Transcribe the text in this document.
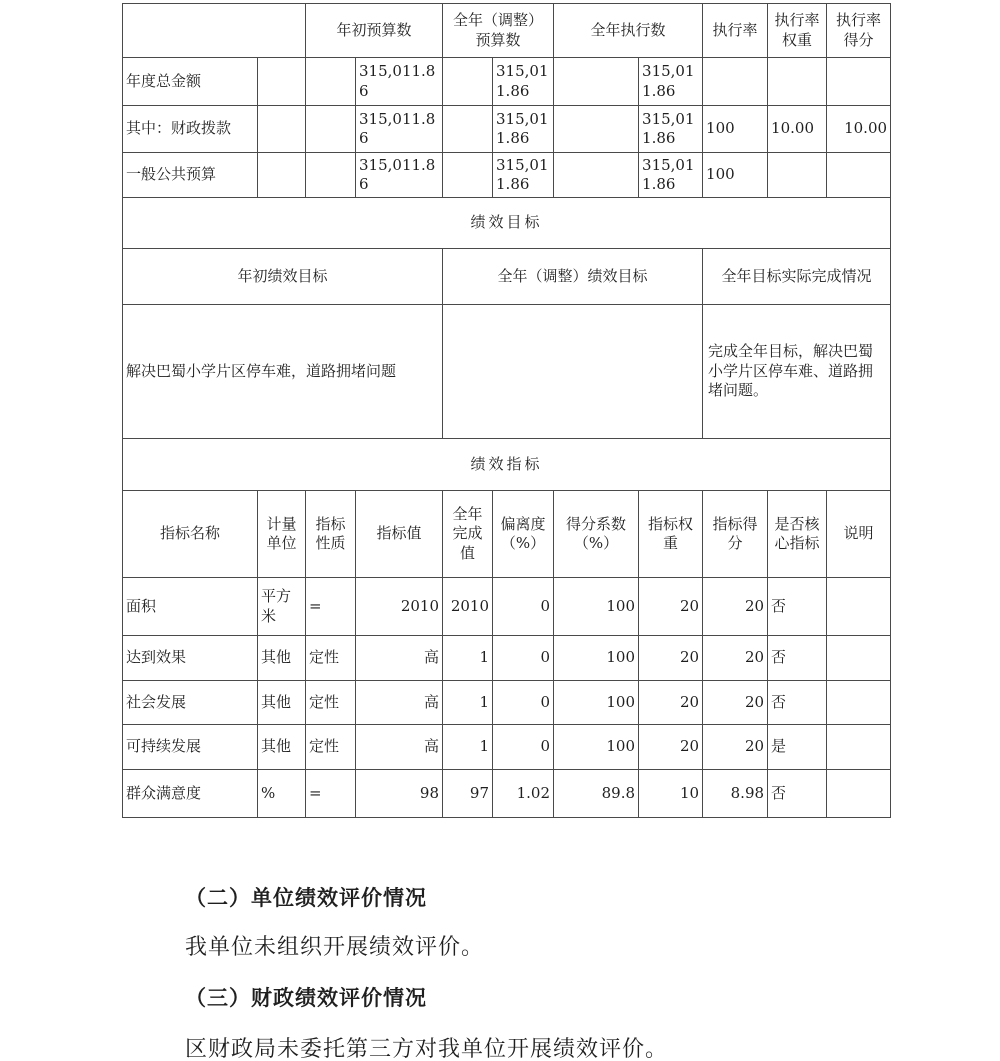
		年初预算数		全年（调整）预算数		全年执行数		执行率	执行率权重	执行率得分
年度总金额			315,011.86		315,011.86		315,011.86			
其中：财政拨款			315,011.86		315,011.86		315,011.86	100	10.00	10.00
一般公共预算			315,011.86		315,011.86		315,011.86	100		
绩效目标										
年初绩效目标				全年（调整）绩效目标				全年目标实际完成情况		
解决巴蜀小学片区停车难，道路拥堵问题								完成全年目标，解决巴蜀小学片区停车难、道路拥堵问题。		
绩效指标										
指标名称	计量单位	指标性质	指标值	全年完成值	偏离度（%）	得分系数（%）	指标权重	指标得分	是否核心指标	说明
面积	平方米	=	2010	2010	0	100	20	20	否	
达到效果	其他	定性	高	1	0	100	20	20	否	
社会发展	其他	定性	高	1	0	100	20	20	否	
可持续发展	其他	定性	高	1	0	100	20	20	是	
群众满意度	%	=	98	97	1.02	89.8	10	8.98	否	

（二）单位绩效评价情况

我单位未组织开展绩效评价。

（三）财政绩效评价情况

区财政局未委托第三方对我单位开展绩效评价。
